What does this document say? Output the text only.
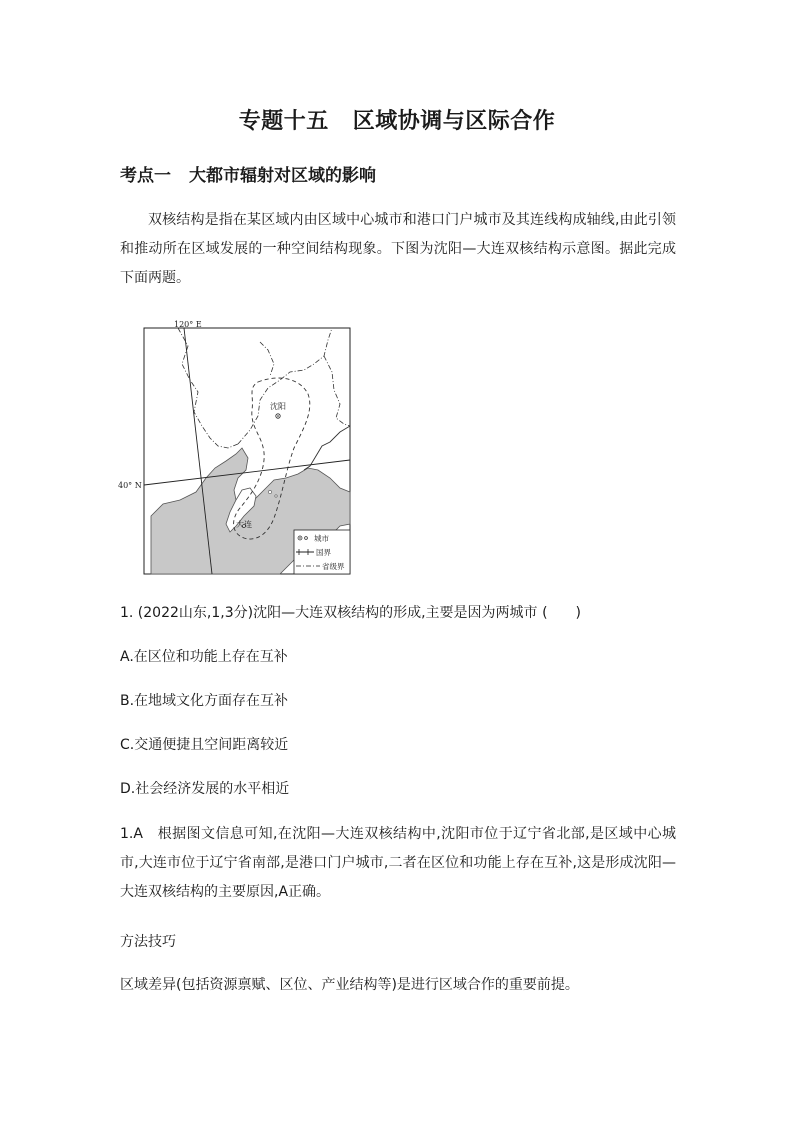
专题十五 区域协调与区际合作
考点一 大都市辐射对区域的影响
双核结构是指在某区域内由区域中心城市和港口门户城市及其连线构成轴线,由此引领和推动所在区域发展的一种空间结构现象。下图为沈阳—大连双核结构示意图。据此完成下面两题。
120° E
40° N
沈阳
大连
城市
国界
省级界
1. (2022山东,1,3分)沈阳—大连双核结构的形成,主要是因为两城市 (　　)
A.在区位和功能上存在互补
B.在地域文化方面存在互补
C.交通便捷且空间距离较近
D.社会经济发展的水平相近
1.A　 根据图文信息可知,在沈阳—大连双核结构中,沈阳市位于辽宁省北部,是区域中心城市,大连市位于辽宁省南部,是港口门户城市,二者在区位和功能上存在互补,这是形成沈阳—大连双核结构的主要原因,A正确。
方法技巧
区域差异(包括资源禀赋、区位、产业结构等)是进行区域合作的重要前提。
